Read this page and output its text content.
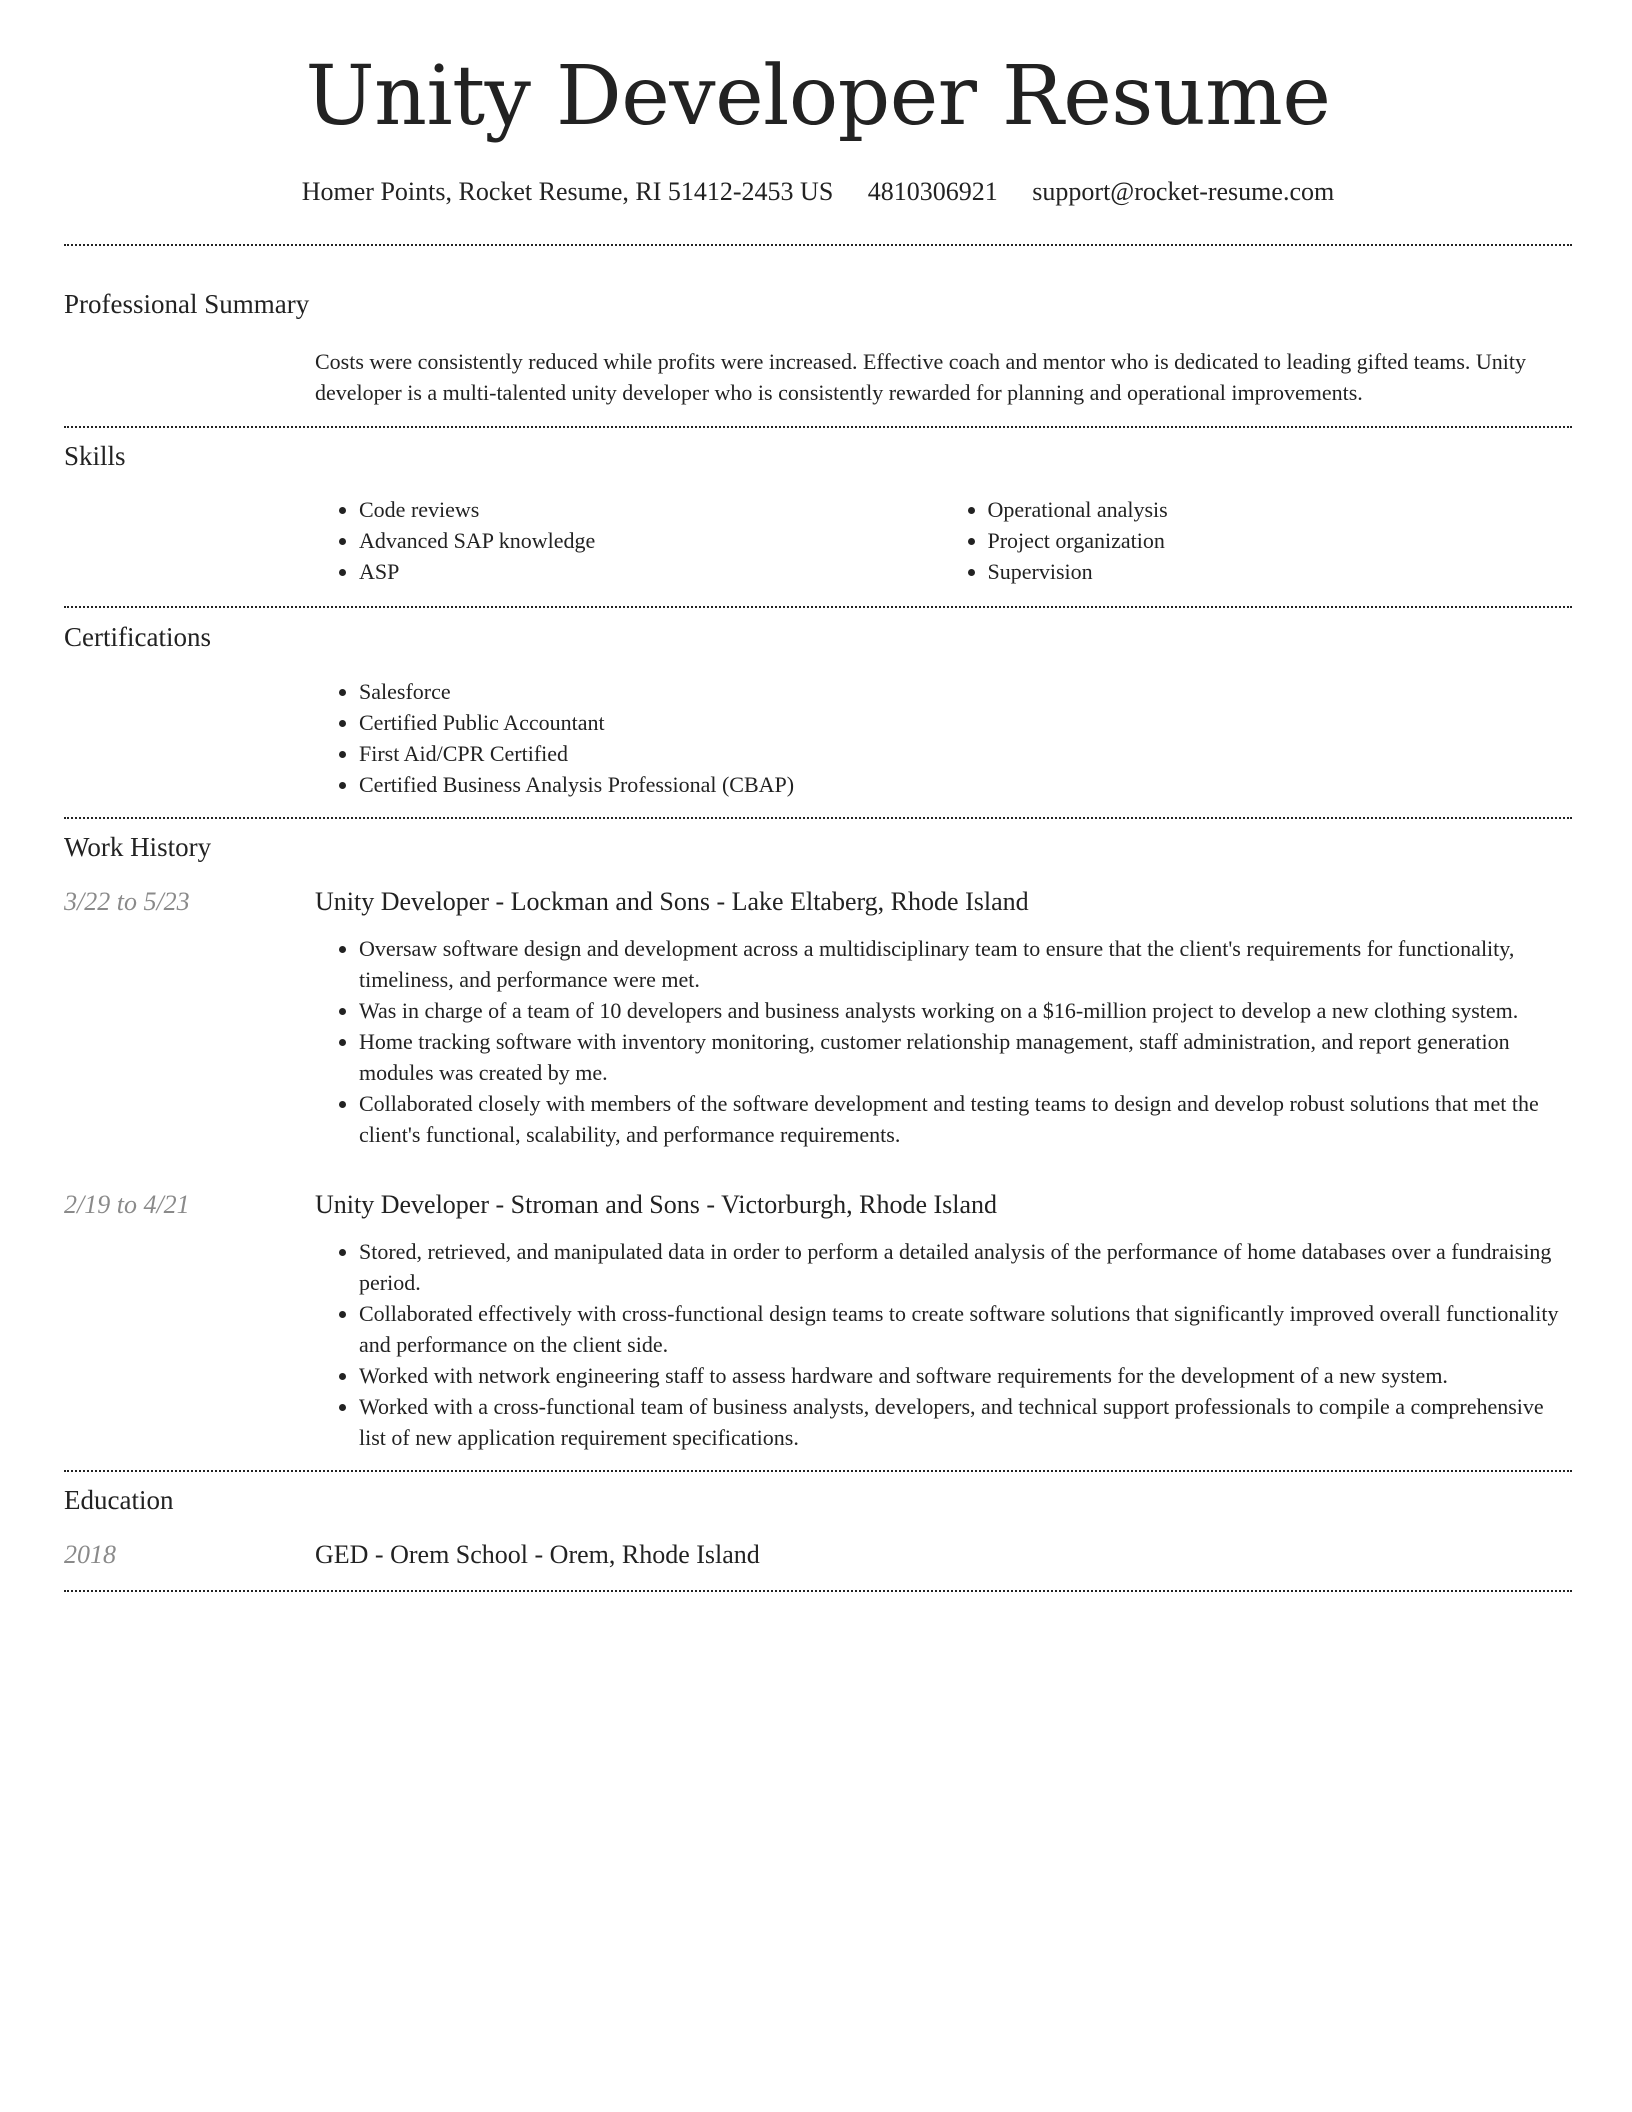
Unity Developer Resume
Homer Points, Rocket Resume, RI 51412-2453 US 4810306921 support@rocket-resume.com
Professional Summary

Costs were consistently reduced while profits were increased. Effective coach and mentor who is dedicated to leading gifted teams. Unity developer is a multi-talented unity developer who is consistently rewarded for planning and operational improvements.

Skills
• Code reviews
• Advanced SAP knowledge
• ASP
• Operational analysis
• Project organization
• Supervision
Certifications
• Salesforce
• Certified Public Accountant
• First Aid/CPR Certified
• Certified Business Analysis Professional (CBAP)
Work History
3/22 to 5/23	Unity Developer - Lockman and Sons - Lake Eltaberg, Rhode Island
• Oversaw software design and development across a multidisciplinary team to ensure that the client's requirements for functionality, timeliness, and performance were met.
• Was in charge of a team of 10 developers and business analysts working on a $16-million project to develop a new clothing system.
• Home tracking software with inventory monitoring, customer relationship management, staff administration, and report generation modules was created by me.
• Collaborated closely with members of the software development and testing teams to design and develop robust solutions that met the client's functional, scalability, and performance requirements.
2/19 to 4/21	Unity Developer - Stroman and Sons - Victorburgh, Rhode Island
• Stored, retrieved, and manipulated data in order to perform a detailed analysis of the performance of home databases over a fundraising period.
• Collaborated effectively with cross-functional design teams to create software solutions that significantly improved overall functionality and performance on the client side.
• Worked with network engineering staff to assess hardware and software requirements for the development of a new system.
• Worked with a cross-functional team of business analysts, developers, and technical support professionals to compile a comprehensive list of new application requirement specifications.
Education
2018	GED - Orem School - Orem, Rhode Island
